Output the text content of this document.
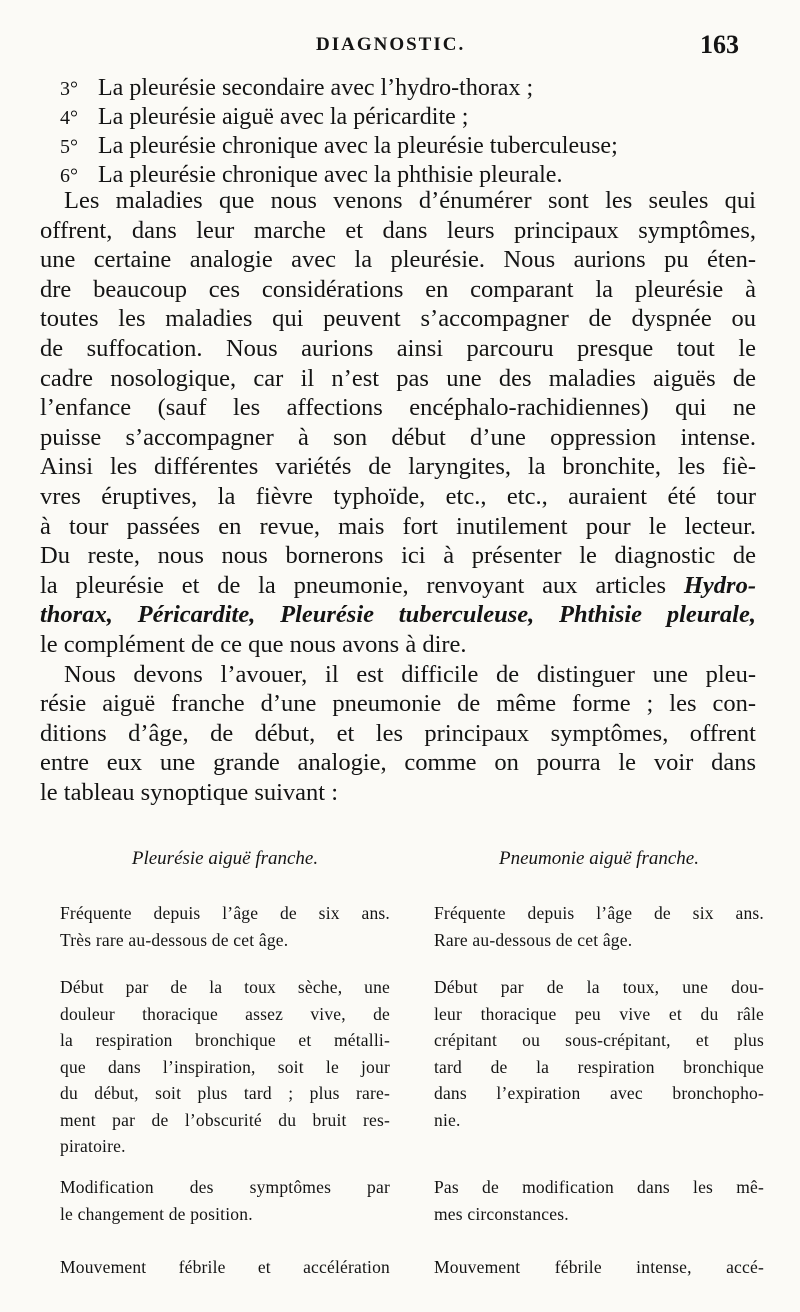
DIAGNOSTIC.	163
3° La pleurésie secondaire avec l’hydro-thorax ;
4° La pleurésie aiguë avec la péricardite ;
5° La pleurésie chronique avec la pleurésie tuberculeuse;
6° La pleurésie chronique avec la phthisie pleurale.
Les maladies que nous venons d’énumérer sont les seules qui
offrent, dans leur marche et dans leurs principaux symptômes,
une certaine analogie avec la pleurésie. Nous aurions pu éten-
dre beaucoup ces considérations en comparant la pleurésie à
toutes les maladies qui peuvent s’accompagner de dyspnée ou
de suffocation. Nous aurions ainsi parcouru presque tout le
cadre nosologique, car il n’est pas une des maladies aiguës de
l’enfance (sauf les affections encéphalo-rachidiennes) qui ne
puisse s’accompagner à son début d’une oppression intense.
Ainsi les différentes variétés de laryngites, la bronchite, les fiè-
vres éruptives, la fièvre typhoïde, etc., etc., auraient été tour
à tour passées en revue, mais fort inutilement pour le lecteur.
Du reste, nous nous bornerons ici à présenter le diagnostic de
la pleurésie et de la pneumonie, renvoyant aux articles Hydro-
thorax, Péricardite, Pleurésie tuberculeuse, Phthisie pleurale,
le complément de ce que nous avons à dire.
Nous devons l’avouer, il est difficile de distinguer une pleu-
résie aiguë franche d’une pneumonie de même forme ; les con-
ditions d’âge, de début, et les principaux symptômes, offrent
entre eux une grande analogie, comme on pourra le voir dans
le tableau synoptique suivant :
Pleurésie aiguë franche.
Fréquente depuis l’âge de six ans.
Très rare au-dessous de cet âge.
Début par de la toux sèche, une
douleur thoracique assez vive, de
la respiration bronchique et métalli-
que dans l’inspiration, soit le jour
du début, soit plus tard ; plus rare-
ment par de l’obscurité du bruit res-
piratoire.
Modification des symptômes par
le changement de position.
Mouvement fébrile et accélération
Pneumonie aiguë franche.
Fréquente depuis l’âge de six ans.
Rare au-dessous de cet âge.
Début par de la toux, une dou-
leur thoracique peu vive et du râle
crépitant ou sous-crépitant, et plus
tard de la respiration bronchique
dans l’expiration avec bronchopho-
nie.
Pas de modification dans les mê-
mes circonstances.
Mouvement fébrile intense, accé-
